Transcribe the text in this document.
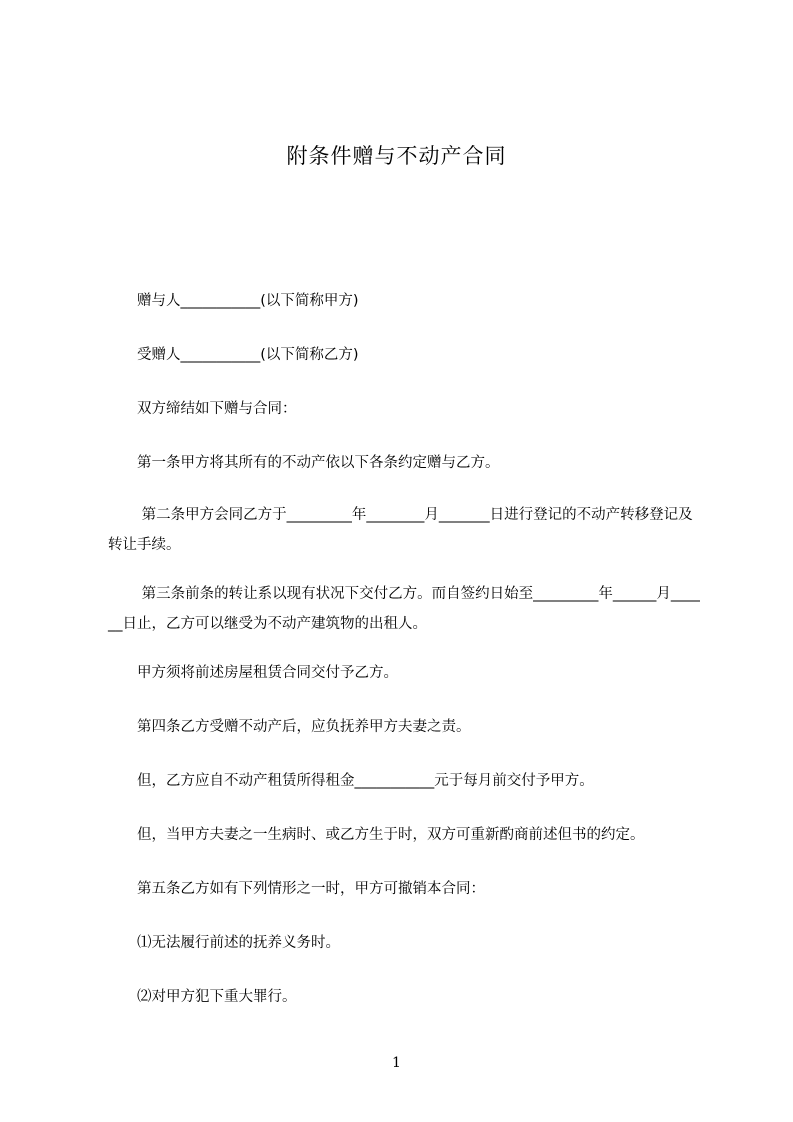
附条件赠与不动产合同
赠与人___________(以下简称甲方)
受赠人___________(以下简称乙方)
双方缔结如下赠与合同：
第一条甲方将其所有的不动产依以下各条约定赠与乙方。
第二条甲方会同乙方于_________年________月_______日进行登记的不动产转移登记及转让手续。
第三条前条的转让系以现有状况下交付乙方。而自签约日始至_________年______月______日止，乙方可以继受为不动产建筑物的出租人。
甲方须将前述房屋租赁合同交付予乙方。
第四条乙方受赠不动产后，应负抚养甲方夫妻之责。
但，乙方应自不动产租赁所得租金___________元于每月前交付予甲方。
但，当甲方夫妻之一生病时、或乙方生于时，双方可重新酌商前述但书的约定。
第五条乙方如有下列情形之一时，甲方可撤销本合同：
⑴无法履行前述的抚养义务时。
⑵对甲方犯下重大罪行。
1
